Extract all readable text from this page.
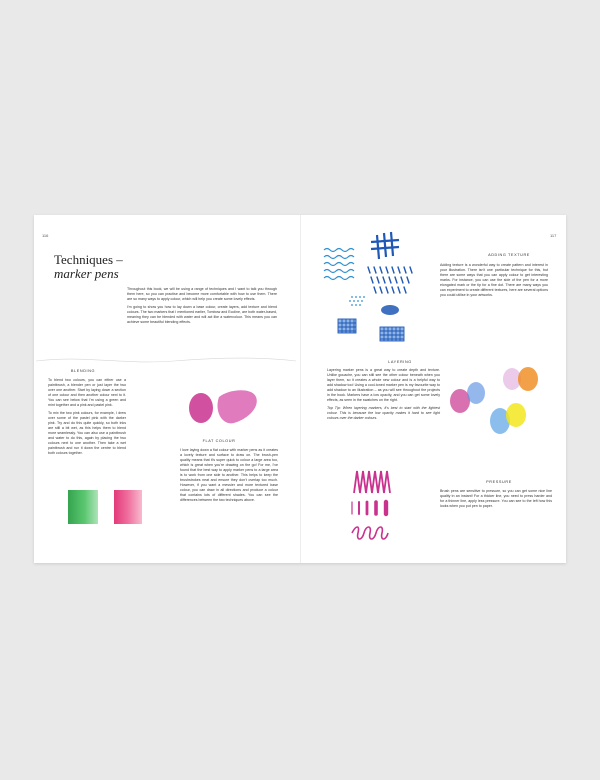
116
Techniques –
marker pens

Throughout this book, we will be using a range of techniques and I want to talk you through them here, so you can practise and become more comfortable with how to use them. There are so many ways to apply colour, which will help you create some lovely effects.

I'm going to show you how to lay down a base colour, create layers, add texture and blend colours. The two markers that I mentioned earlier, Tombow and Ecoline, are both water-based, meaning they can be blended with water and will act like a watercolour. This means you can achieve some beautiful blending effects.

BLENDING

To blend two colours, you can either use a paintbrush, a blender pen or just layer the two over one another. Start by laying down a section of one colour and then another colour next to it. You can see below that I'm using a green and mint together and a pink and pastel pink.

To mix the two pink colours, for example, I drew over some of the pastel pink with the darker pink. Try and do this quite quickly, so both inks are still a bit wet, as this helps them to blend more seamlessly. You can also use a paintbrush and water to do this, again by placing the two colours next to one another. Then take a wet paintbrush and run it down the centre to blend both colours together.

FLAT COLOUR

I love laying down a flat colour with marker pens as it creates a lovely texture and surface to draw on. The brush-pen quality means that it's super quick to colour a large area too, which is great when you're drawing on the go! For me, I've found that the best way to apply marker pens to a large area is to work from one side to another. This helps to keep the brushstrokes neat and ensure they don't overlap too much. However, if you want a messier and more textured base colour, you can draw in all directions and produce a colour that contains lots of different shades. You can see the differences between the two techniques above.

117
ADDING TEXTURE

Adding texture is a wonderful way to create pattern and interest in your illustration. There isn't one particular technique for this, but there are some ways that you can apply colour to get interesting marks. For instance, you can use the side of the pen for a more elongated mark or the tip for a fine dot. There are many ways you can experiment to create different textures, here are several options you could utilise in your artworks.

LAYERING

Layering marker pens is a great way to create depth and texture. Unlike gouache, you can still see the other colour beneath when you layer them, so it creates a whole new colour and is a helpful way to add shadow too! Using a cool-toned marker pen is my favourite way to add shadow to an illustration – as you will see throughout the projects in the book. Markers have a low opacity, and you can get some lovely effects, as seen in the swatches on the right.

Top Tip: When layering markers, it's best to start with the lightest colour. This is because the low opacity makes it hard to see light colours over the darker colours.

PRESSURE

Brush pens are sensitive to pressure, so you can get some nice line quality in an instant! For a thicker line, you need to press harder and for a thinner line, apply less pressure. You can see to the left how this looks when you put pen to paper.
